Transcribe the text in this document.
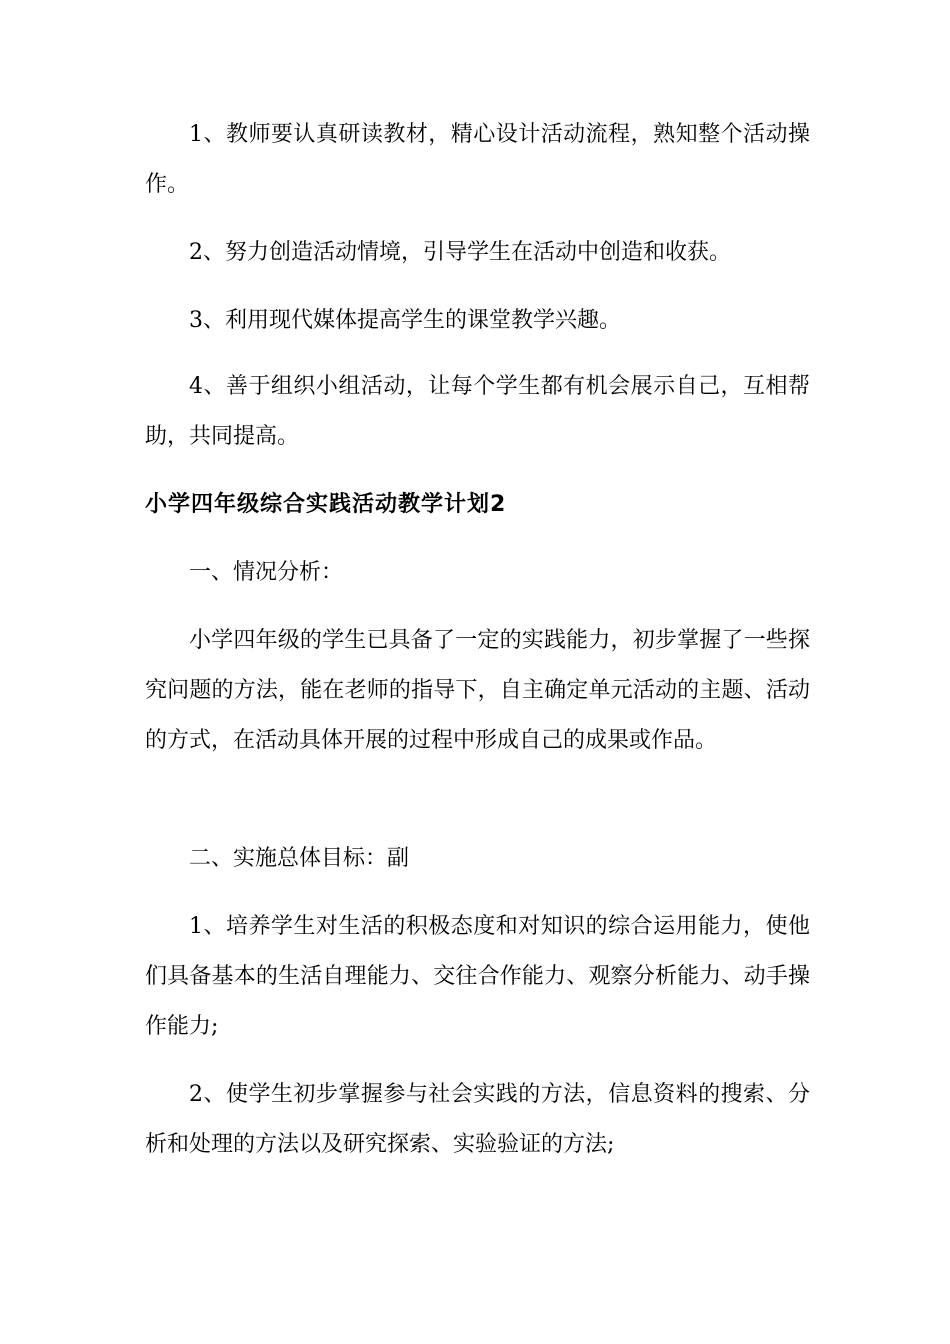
1、教师要认真研读教材，精心设计活动流程，熟知整个活动操作。

2、努力创造活动情境，引导学生在活动中创造和收获。

3、利用现代媒体提高学生的课堂教学兴趣。

4、善于组织小组活动，让每个学生都有机会展示自己，互相帮助，共同提高。

小学四年级综合实践活动教学计划2

一、情况分析：

小学四年级的学生已具备了一定的实践能力，初步掌握了一些探究问题的方法，能在老师的指导下，自主确定单元活动的主题、活动的方式，在活动具体开展的过程中形成自己的成果或作品。

二、实施总体目标：副

1、培养学生对生活的积极态度和对知识的综合运用能力，使他们具备基本的生活自理能力、交往合作能力、观察分析能力、动手操作能力;

2、使学生初步掌握参与社会实践的方法，信息资料的搜索、分析和处理的方法以及研究探索、实验验证的方法;
